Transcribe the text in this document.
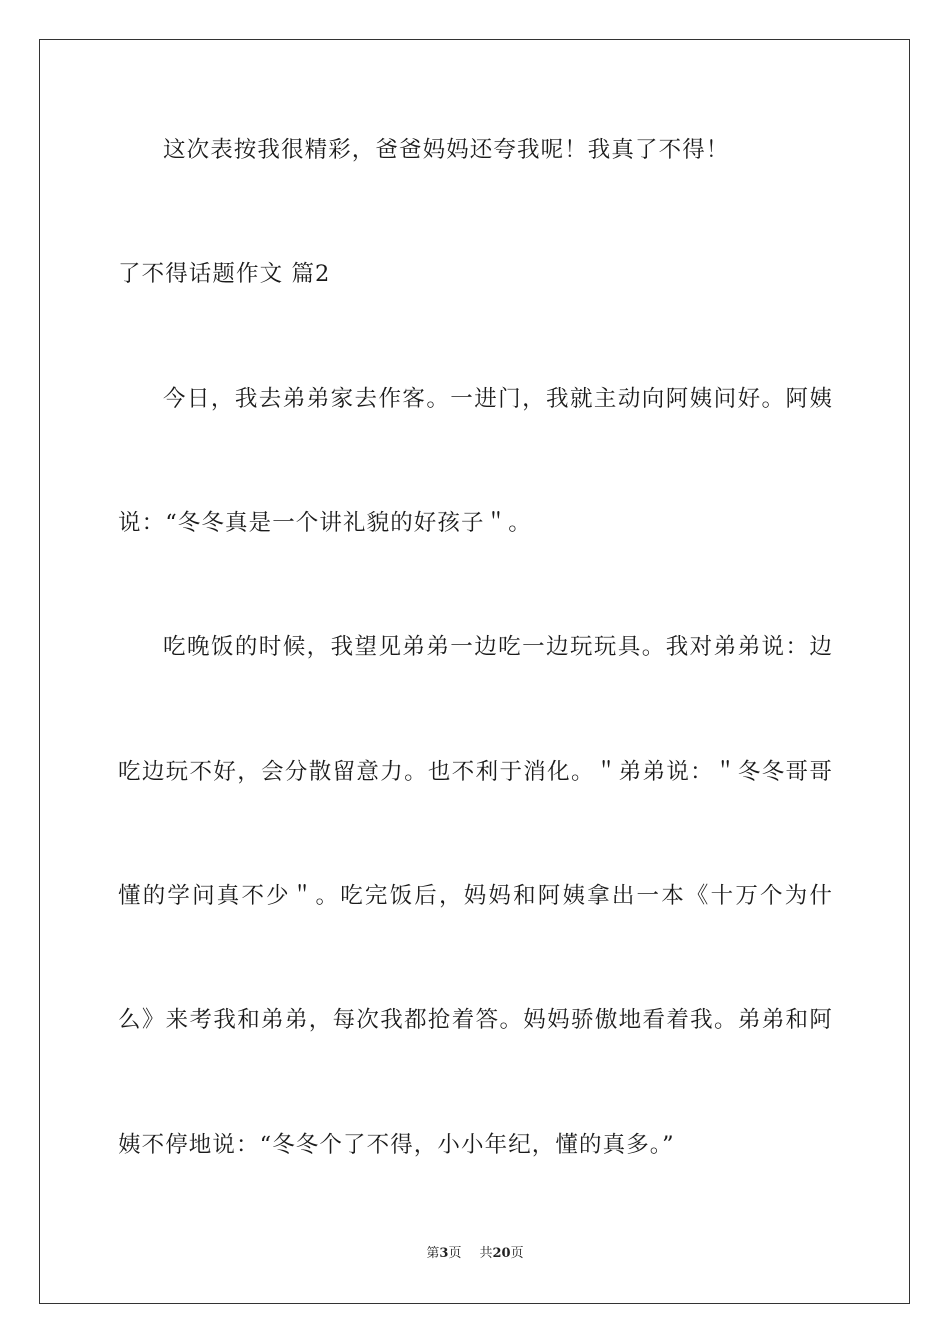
这次表按我很精彩，爸爸妈妈还夸我呢！我真了不得！
了不得话题作文 篇2
今日，我去弟弟家去作客。一进门，我就主动向阿姨问好。阿姨
说：“冬冬真是一个讲礼貌的好孩子＂。
吃晚饭的时候，我望见弟弟一边吃一边玩玩具。我对弟弟说：边
吃边玩不好，会分散留意力。也不利于消化。＂弟弟说：＂冬冬哥哥
懂的学问真不少＂。吃完饭后，妈妈和阿姨拿出一本《十万个为什
么》来考我和弟弟，每次我都抢着答。妈妈骄傲地看着我。弟弟和阿
姨不停地说：“冬冬个了不得，小小年纪，懂的真多。”
第3页 共20页
